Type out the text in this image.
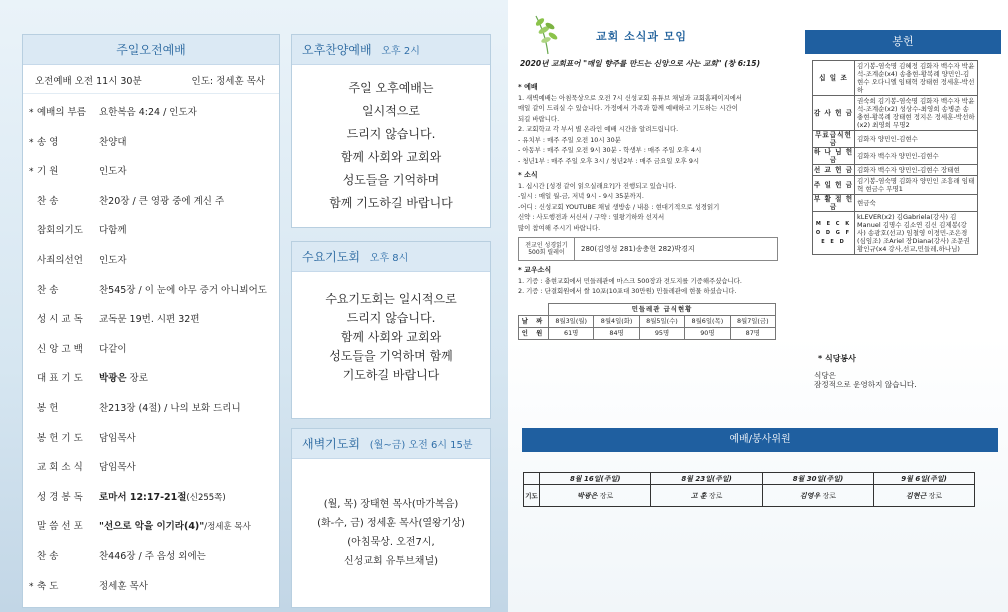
주일오전예배
오전예배 오전 11시 30분	인도: 정세훈 목사
* 예배의 부름	요한복음 4:24 / 인도자
* 송 영	찬양대
* 기 원	인도자
찬 송	찬20장 / 큰 영광 중에 계신 주
참회의기도	다함께
사죄의선언	인도자
찬 송	찬545장 / 이 눈에 아무 증거 아니뵈어도
성 시 교 독	교독문 19번. 시편 32편
신 앙 고 백	다같이
대 표 기 도	박광은 장로
봉 헌	찬213장 (4절) / 나의 보화 드리니
봉 헌 기 도	담임목사
교 회 소 식	담임목사
성 경 봉 독	로마서 12:17-21절(신255쪽)
말 씀 선 포	"선으로 악을 이기라(4)"/정세훈 목사
찬 송	찬446장 / 주 음성 외에는
* 축 도	정세훈 목사
오후찬양예배 오후 2시
주일 오후예배는
일시적으로
드리지 않습니다.
함께 사회와 교회와
성도들을 기억하며
함께 기도하길 바랍니다
수요기도회 오후 8시
수요기도회는 일시적으로
드리지 않습니다.
함께 사회와 교회와
성도들을 기억하며 함께
기도하길 바랍니다
새벽기도회 (월~금) 오전 6시 15분
(월, 목) 장태현 목사(마가복음)
(화-수, 금) 정세훈 목사(열왕기상)
(아침묵상. 오전7시,
신성교회 유투브채널)
교회 소식과 모임
2020년 교회표어 "매일 향주를 만드는 신앙으로 사는 교회" (창 6:15)

* 예배

1. 새벽예배는 아침묵상으로 오전 7시 신성교회 유튜브 채널과 교회홈페이지에서

매일 같이 드리실 수 있습니다. 가정에서 가족과 함께 예배하고 기도하는 시간이

되길 바랍니다.

2. 교회학교 각 부서 별 온라인 예배 시간을 알려드립니다.

- 유치부 : 매주 주일 오전 10시 30분

- 아동부 : 매주 주일 오전 9시 30분 - 학생부 : 매주 주일 오후 4시

- 청년1부 : 매주 주일 오후 3시 / 청년2부 : 매주 금요일 오후 9시

* 소식

1. 십시간 [성경 같이 읽으실래요?]가 진행되고 있습니다.

-일시 : 매일 월-금, 저녁 9시 - 9시 35분까지.

-어디 : 신성교회 YOUTUBE 채널 생방송 / 내용 : 현대기적으로 성경읽기

신약 : 사도행전과 서신서 / 구약 : 열왕기하와 선지서

많이 참여해 주시기 바랍니다.

전교인 성경읽기 500회 릴레이	280(김영성 281)송충현 282)박경지

* 교우소식

1. 기증 : 충현교회에서 민들레관에 마스크 500장과 전도지를 기증해주셨습니다.

2. 기증 : 단결회원에서 쌀 10포(10포대 30만원) 민들레관에 현물 하셨습니다.

	민들레관 급식현황				
날 짜	8월3일(월)	8월4일(화)	8월5일(수)	8월6일(목)	8월7일(금)
인 원	61명	84명	95명	90명	87명
봉헌
십 일 조	김기봉-염숙명 김혜정 김화자 백수자 박윤석-조계순(x4) 송충현-황복례 양민인-김현수 오다니엘 임태혁 장태현 정세훈-박선하
감 사 헌 금	권숙희 김기봉-염숙명 김화자 백수자 박윤석-조계순(x2) 성상수-최영희 송병준 송충현-황복례 장태현 정지은 정세훈-박선하(x2) 최영희 무명2
무료급식헌금	김화자 양민인-김현수
하 나 님 헌 금	김화자 백수자 양민인-김현수
선 교 헌 금	김화자 백수자 양민인-김현수 장태현
주 일 헌 금	김기봉-염숙명 김화자 양민인 조흥래 임태혁 현금수 무명1
부 활 절 헌 금	현금숙
M E C K O D G F E E D	kLEVER(x2) 김Gabriela(강사) 김Manuel 김명수 김소연 김신 김제봉(강사) 송광호(선교) 임철영 이정민-조은경(심임조) 조Ariel 장Diana(강사) 조문권 황인규(x4 강사,선교,민들레,하나님)
* 식당봉사
식당은
잠정적으로 운영하지 않습니다.
예배/봉사위원
	8월 16일(주일)	8월 23일(주일)	8월 30일(주일)	9월 6일(주일)
기도	박광은 장로	고 훈 장로	김영우 장로	김현근 장로
